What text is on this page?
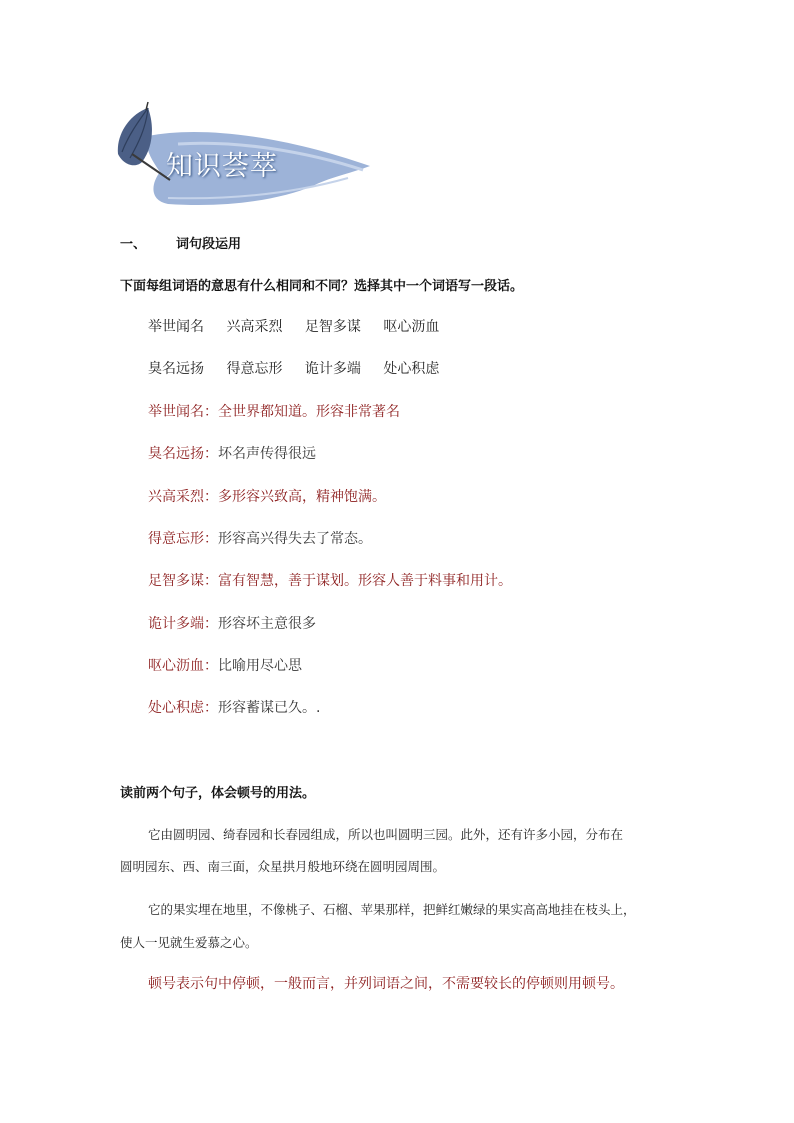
知识荟萃
一、 词句段运用
下面每组词语的意思有什么相同和不同？选择其中一个词语写一段话。
举世闻名 兴高采烈 足智多谋 呕心沥血
臭名远扬 得意忘形 诡计多端 处心积虑
举世闻名：全世界都知道。形容非常著名
臭名远扬：坏名声传得很远
兴高采烈：多形容兴致高，精神饱满。
得意忘形：形容高兴得失去了常态。
足智多谋：富有智慧，善于谋划。形容人善于料事和用计。
诡计多端：形容坏主意很多
呕心沥血：比喻用尽心思
处心积虑：形容蓄谋已久。.
读前两个句子，体会顿号的用法。
它由圆明园、绮春园和长春园组成，所以也叫圆明三园。此外，还有许多小园，分布在
圆明园东、西、南三面，众星拱月般地环绕在圆明园周围。
它的果实埋在地里，不像桃子、石榴、苹果那样，把鲜红嫩绿的果实高高地挂在枝头上，
使人一见就生爱慕之心。
顿号表示句中停顿，一般而言，并列词语之间，不需要较长的停顿则用顿号。
